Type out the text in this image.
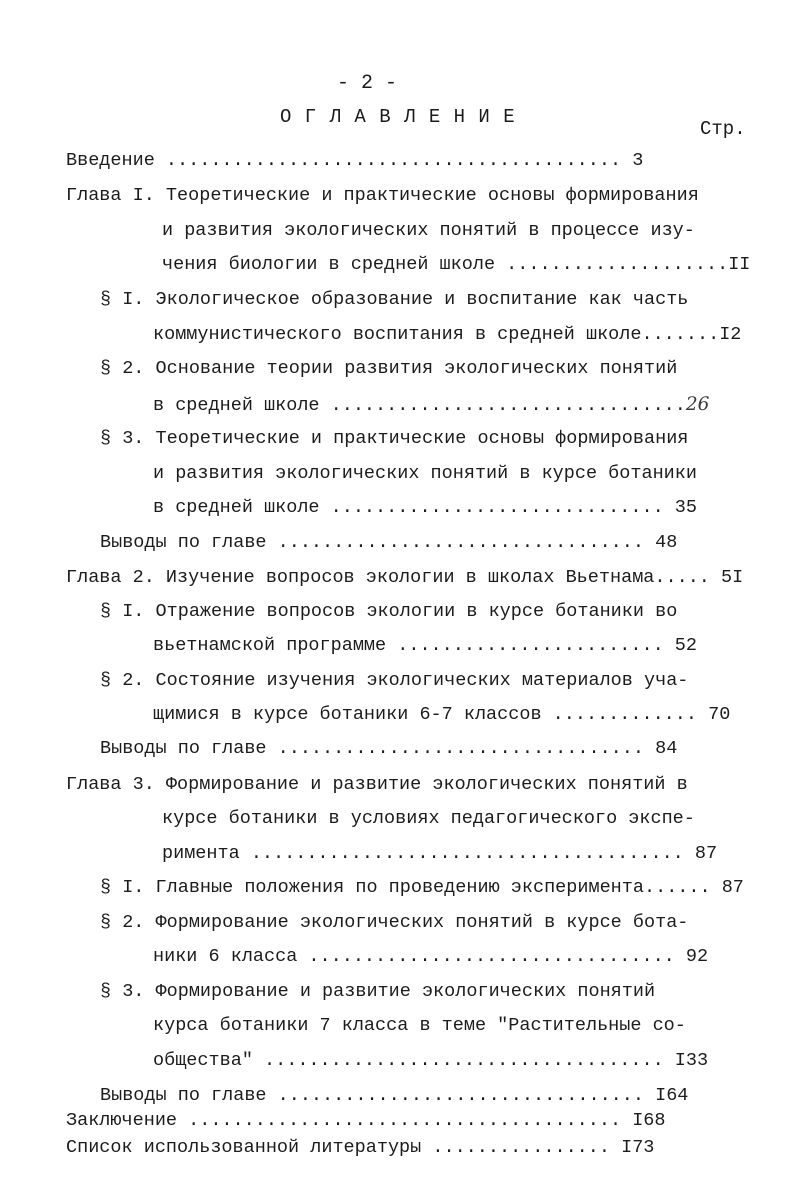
- 2 -
О Г Л А В Л Е Н И Е
Стр.
Введение ......................................... 3
Глава I. Теоретические и практические основы формирования
и развития экологических понятий в процессе изу-
чения биологии в средней школе ....................II
§ I. Экологическое образование и воспитание как часть
коммунистического воспитания в средней школе.......I2
§ 2. Основание теории развития экологических понятий
в средней школе ................................26
§ 3. Теоретические и практические основы формирования
и развития экологических понятий в курсе ботаники
в средней школе .............................. 35
Выводы по главе ................................. 48
Глава 2. Изучение вопросов экологии в школах Вьетнама..... 5I
§ I. Отражение вопросов экологии в курсе ботаники во
вьетнамской программе ........................ 52
§ 2. Состояние изучения экологических материалов уча-
щимися в курсе ботаники 6-7 классов ............. 70
Выводы по главе ................................. 84
Глава 3. Формирование и развитие экологических понятий в
курсе ботаники в условиях педагогического экспе-
римента ....................................... 87
§ I. Главные положения по проведению эксперимента...... 87
§ 2. Формирование экологических понятий в курсе бота-
ники 6 класса ................................. 92
§ 3. Формирование и развитие экологических понятий
курса ботаники 7 класса в теме "Растительные со-
общества" .................................... I33
Выводы по главе ................................. I64
Заключение ....................................... I68
Список использованной литературы ................ I73
